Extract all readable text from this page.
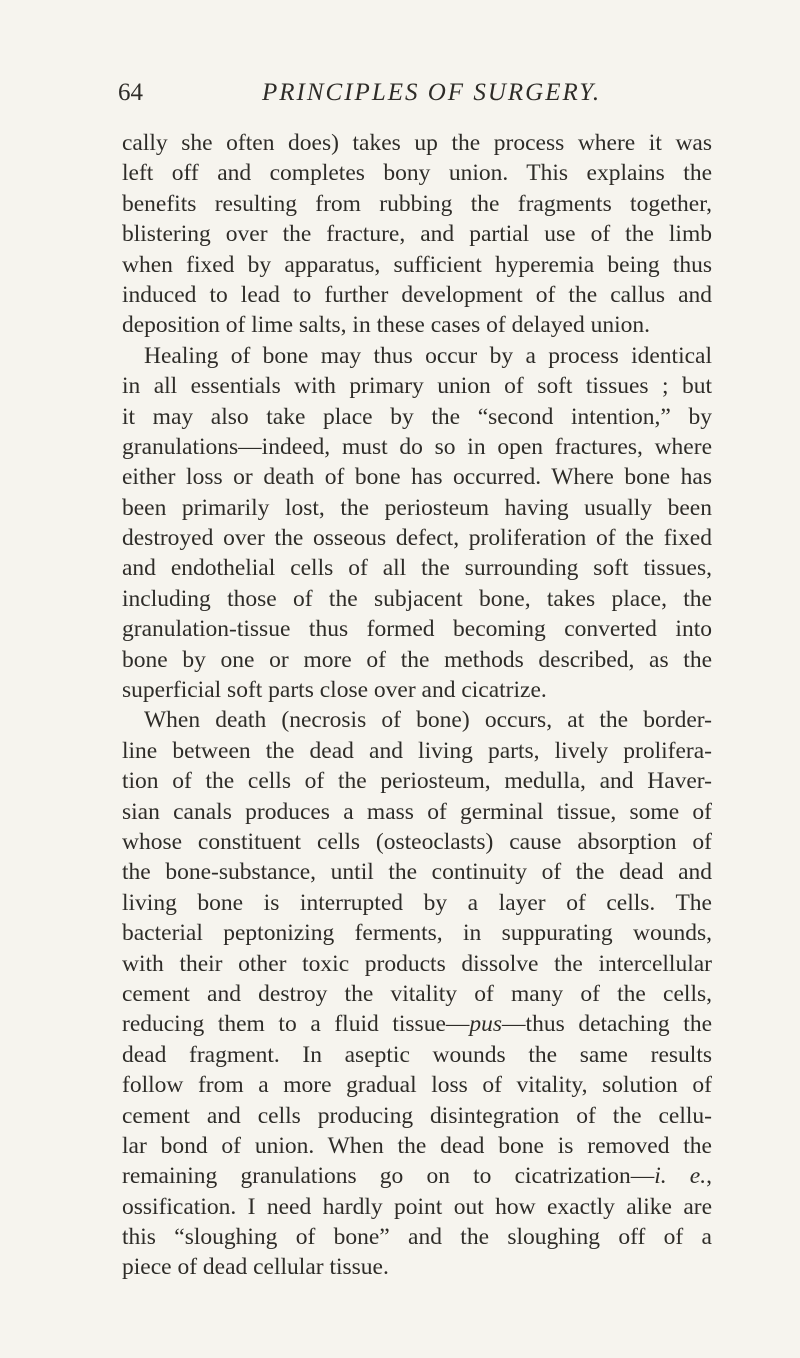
64	PRINCIPLES OF SURGERY.
cally she often does) takes up the process where it was
left off and completes bony union. This explains the
benefits resulting from rubbing the fragments together,
blistering over the fracture, and partial use of the limb
when fixed by apparatus, sufficient hyperemia being thus
induced to lead to further development of the callus and
deposition of lime salts, in these cases of delayed union.
Healing of bone may thus occur by a process identical
in all essentials with primary union of soft tissues ; but
it may also take place by the “second intention,” by
granulations—indeed, must do so in open fractures, where
either loss or death of bone has occurred. Where bone has
been primarily lost, the periosteum having usually been
destroyed over the osseous defect, proliferation of the fixed
and endothelial cells of all the surrounding soft tissues,
including those of the subjacent bone, takes place, the
granulation-tissue thus formed becoming converted into
bone by one or more of the methods described, as the
superficial soft parts close over and cicatrize.
When death (necrosis of bone) occurs, at the border-
line between the dead and living parts, lively prolifera-
tion of the cells of the periosteum, medulla, and Haver-
sian canals produces a mass of germinal tissue, some of
whose constituent cells (osteoclasts) cause absorption of
the bone-substance, until the continuity of the dead and
living bone is interrupted by a layer of cells. The
bacterial peptonizing ferments, in suppurating wounds,
with their other toxic products dissolve the intercellular
cement and destroy the vitality of many of the cells,
reducing them to a fluid tissue—pus—thus detaching the
dead fragment. In aseptic wounds the same results
follow from a more gradual loss of vitality, solution of
cement and cells producing disintegration of the cellu-
lar bond of union. When the dead bone is removed the
remaining granulations go on to cicatrization—i. e.,
ossification. I need hardly point out how exactly alike are
this “sloughing of bone” and the sloughing off of a
piece of dead cellular tissue.
